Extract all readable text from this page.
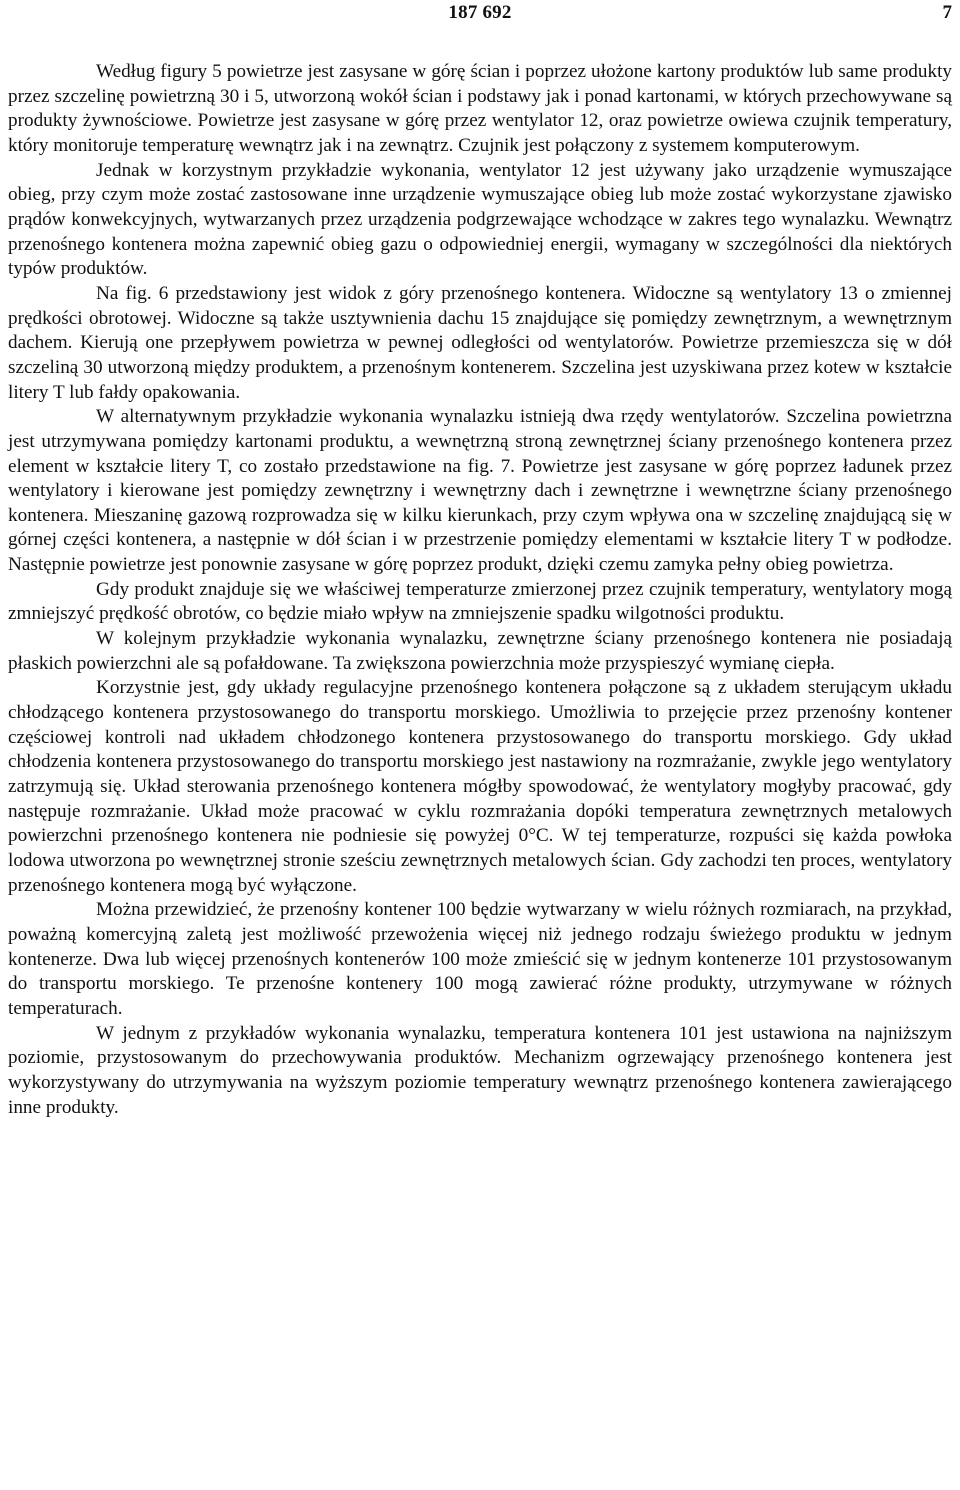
187 692	7

Według figury 5 powietrze jest zasysane w górę ścian i poprzez ułożone kartony produktów lub same produkty przez szczelinę powietrzną 30 i 5, utworzoną wokół ścian i podstawy jak i ponad kartonami, w których przechowywane są produkty żywnościowe. Powietrze jest zasysane w górę przez wentylator 12, oraz powietrze owiewa czujnik temperatury, który monitoruje temperaturę wewnątrz jak i na zewnątrz. Czujnik jest połączony z systemem komputerowym.

Jednak w korzystnym przykładzie wykonania, wentylator 12 jest używany jako urządzenie wymuszające obieg, przy czym może zostać zastosowane inne urządzenie wymuszające obieg lub może zostać wykorzystane zjawisko prądów konwekcyjnych, wytwarzanych przez urządzenia podgrzewające wchodzące w zakres tego wynalazku. Wewnątrz przenośnego kontenera można zapewnić obieg gazu o odpowiedniej energii, wymagany w szczególności dla niektórych typów produktów.

Na fig. 6 przedstawiony jest widok z góry przenośnego kontenera. Widoczne są wentylatory 13 o zmiennej prędkości obrotowej. Widoczne są także usztywnienia dachu 15 znajdujące się pomiędzy zewnętrznym, a wewnętrznym dachem. Kierują one przepływem powietrza w pewnej odległości od wentylatorów. Powietrze przemieszcza się w dół szczeliną 30 utworzoną między produktem, a przenośnym kontenerem. Szczelina jest uzyskiwana przez kotew w kształcie litery T lub fałdy opakowania.

W alternatywnym przykładzie wykonania wynalazku istnieją dwa rzędy wentylatorów. Szczelina powietrzna jest utrzymywana pomiędzy kartonami produktu, a wewnętrzną stroną zewnętrznej ściany przenośnego kontenera przez element w kształcie litery T, co zostało przedstawione na fig. 7. Powietrze jest zasysane w górę poprzez ładunek przez wentylatory i kierowane jest pomiędzy zewnętrzny i wewnętrzny dach i zewnętrzne i wewnętrzne ściany przenośnego kontenera. Mieszaninę gazową rozprowadza się w kilku kierunkach, przy czym wpływa ona w szczelinę znajdującą się w górnej części kontenera, a następnie w dół ścian i w przestrzenie pomiędzy elementami w kształcie litery T w podłodze. Następnie powietrze jest ponownie zasysane w górę poprzez produkt, dzięki czemu zamyka pełny obieg powietrza.

Gdy produkt znajduje się we właściwej temperaturze zmierzonej przez czujnik temperatury, wentylatory mogą zmniejszyć prędkość obrotów, co będzie miało wpływ na zmniejszenie spadku wilgotności produktu.

W kolejnym przykładzie wykonania wynalazku, zewnętrzne ściany przenośnego kontenera nie posiadają płaskich powierzchni ale są pofałdowane. Ta zwiększona powierzchnia może przyspieszyć wymianę ciepła.

Korzystnie jest, gdy układy regulacyjne przenośnego kontenera połączone są z układem sterującym układu chłodzącego kontenera przystosowanego do transportu morskiego. Umożliwia to przejęcie przez przenośny kontener częściowej kontroli nad układem chłodzonego kontenera przystosowanego do transportu morskiego. Gdy układ chłodzenia kontenera przystosowanego do transportu morskiego jest nastawiony na rozmrażanie, zwykle jego wentylatory zatrzymują się. Układ sterowania przenośnego kontenera mógłby spowodować, że wentylatory mogłyby pracować, gdy następuje rozmrażanie. Układ może pracować w cyklu rozmrażania dopóki temperatura zewnętrznych metalowych powierzchni przenośnego kontenera nie podniesie się powyżej 0°C. W tej temperaturze, rozpuści się każda powłoka lodowa utworzona po wewnętrznej stronie sześciu zewnętrznych metalowych ścian. Gdy zachodzi ten proces, wentylatory przenośnego kontenera mogą być wyłączone.

Można przewidzieć, że przenośny kontener 100 będzie wytwarzany w wielu różnych rozmiarach, na przykład, poważną komercyjną zaletą jest możliwość przewożenia więcej niż jednego rodzaju świeżego produktu w jednym kontenerze. Dwa lub więcej przenośnych kontenerów 100 może zmieścić się w jednym kontenerze 101 przystosowanym do transportu morskiego. Te przenośne kontenery 100 mogą zawierać różne produkty, utrzymywane w różnych temperaturach.

W jednym z przykładów wykonania wynalazku, temperatura kontenera 101 jest ustawiona na najniższym poziomie, przystosowanym do przechowywania produktów. Mechanizm ogrzewający przenośnego kontenera jest wykorzystywany do utrzymywania na wyższym poziomie temperatury wewnątrz przenośnego kontenera zawierającego inne produkty.
